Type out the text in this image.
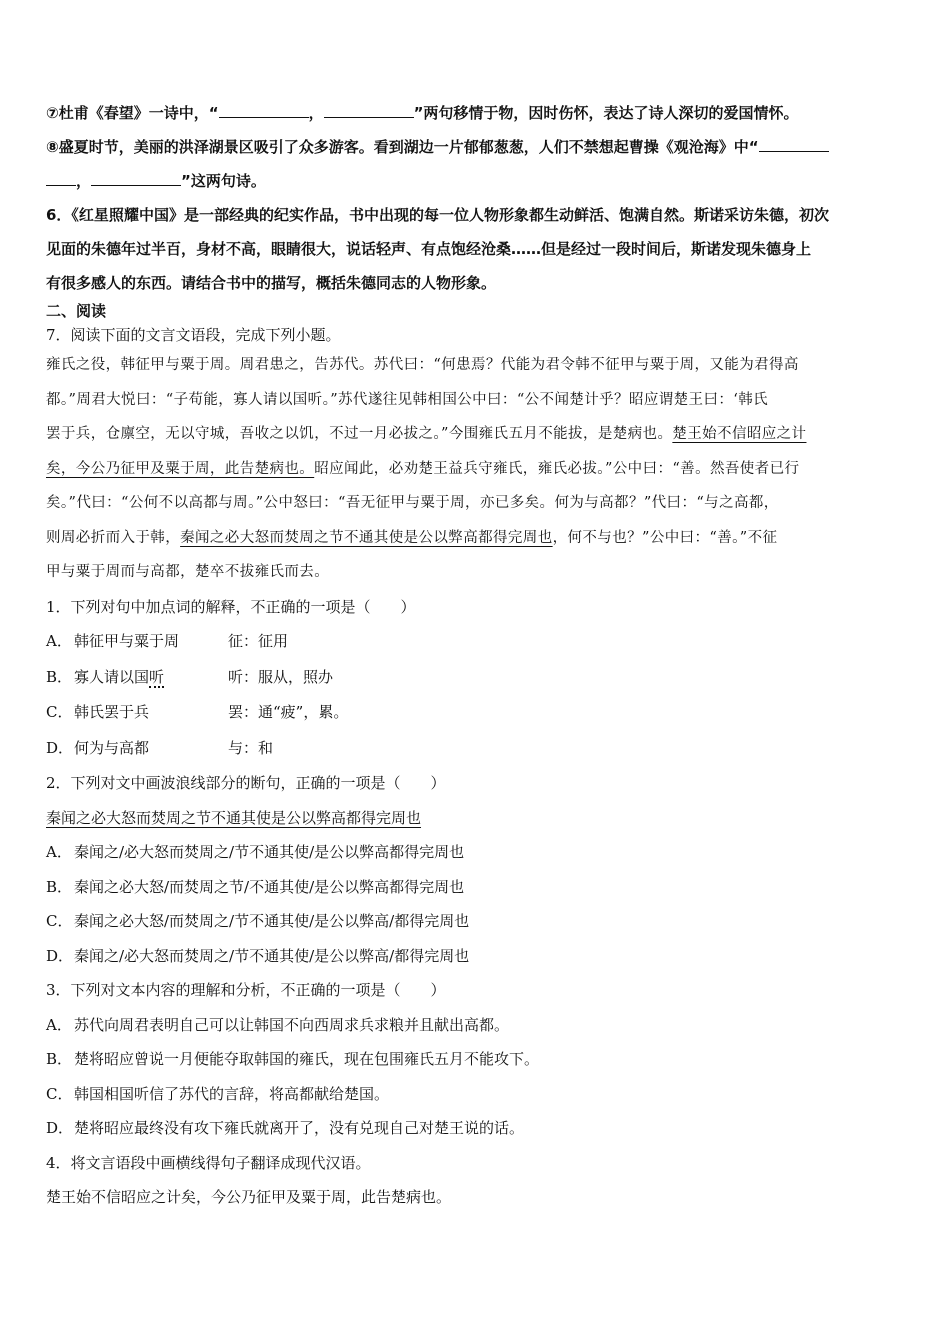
⑦杜甫《春望》一诗中，“	，	”两句移情于物，因时伤怀，表达了诗人深切的爱国情怀。
⑧盛夏时节，美丽的洪泽湖景区吸引了众多游客。看到湖边一片郁郁葱葱，人们不禁想起曹操《观沧海》中“
，	”这两句诗。
6．《红星照耀中国》是一部经典的纪实作品，书中出现的每一位人物形象都生动鲜活、饱满自然。斯诺采访朱德，初次
见面的朱德年过半百，身材不高，眼睛很大，说话轻声、有点饱经沧桑……但是经过一段时间后，斯诺发现朱德身上
有很多感人的东西。请结合书中的描写，概括朱德同志的人物形象。
二、阅读
7．阅读下面的文言文语段，完成下列小题。
雍氏之役，韩征甲与粟于周。周君患之，告苏代。苏代曰：“何患焉？代能为君令韩不征甲与粟于周，又能为君得高
都。”周君大悦曰：“子苟能，寡人请以国听。”苏代遂往见韩相国公中曰：“公不闻楚计乎？昭应谓楚王曰：‘韩氏
罢于兵，仓廪空，无以守城，吾收之以饥，不过一月必拔之。”今围雍氏五月不能拔，是楚病也。楚王始不信昭应之计
矣，今公乃征甲及粟于周，此告楚病也。昭应闻此，必劝楚王益兵守雍氏，雍氏必拔。”公中曰：“善。然吾使者已行
矣。”代曰：“公何不以高都与周。”公中怒曰：“吾无征甲与粟于周，亦已多矣。何为与高都？”代曰：“与之高都，
则周必折而入于韩，秦闻之必大怒而焚周之节不通其使是公以弊高都得完周也，何不与也？”公中曰：“善。”不征
甲与粟于周而与高都，楚卒不拔雍氏而去。
1．下列对句中加点词的解释，不正确的一项是（　　）
A． 韩征甲与粟于周	征：征用
B． 寡人请以国听	听：服从，照办
C． 韩氏罢于兵	罢：通“疲”，累。
D．何为与高都	与：和
2．下列对文中画波浪线部分的断句，正确的一项是（　　）
秦闻之必大怒而焚周之节不通其使是公以弊高都得完周也
A． 秦闻之/必大怒而焚周之/节不通其使/是公以弊高都得完周也
B． 秦闻之必大怒/而焚周之节/不通其使/是公以弊高都得完周也
C． 秦闻之必大怒/而焚周之/节不通其使/是公以弊高/都得完周也
D．秦闻之/必大怒而焚周之/节不通其使/是公以弊高/都得完周也
3．下列对文本内容的理解和分析，不正确的一项是（　　）
A． 苏代向周君表明自己可以让韩国不向西周求兵求粮并且献出高都。
B． 楚将昭应曾说一月便能夺取韩国的雍氏，现在包围雍氏五月不能攻下。
C． 韩国相国听信了苏代的言辞，将高都献给楚国。
D．楚将昭应最终没有攻下雍氏就离开了，没有兑现自己对楚王说的话。
4．将文言语段中画横线得句子翻译成现代汉语。
楚王始不信昭应之计矣，今公乃征甲及粟于周，此告楚病也。
